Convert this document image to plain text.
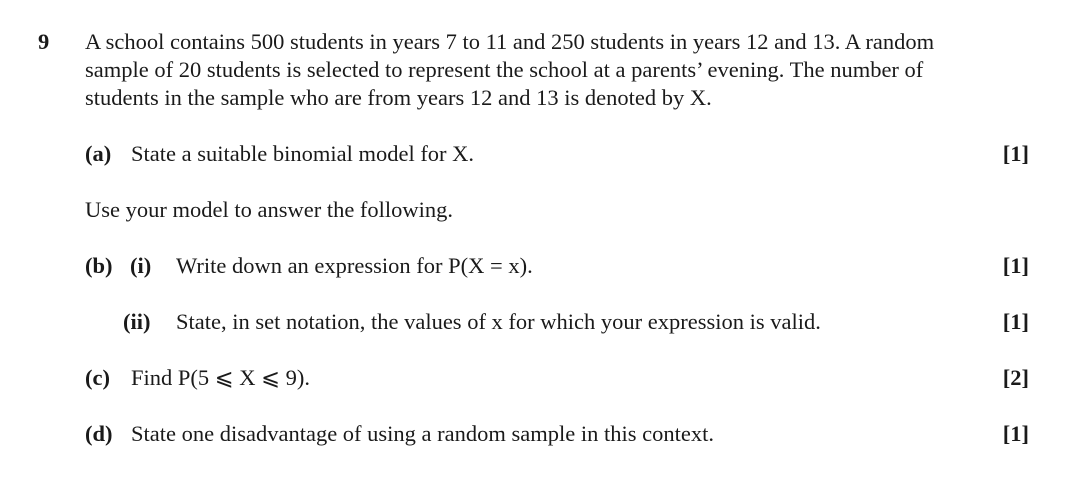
9 A school contains 500 students in years 7 to 11 and 250 students in years 12 and 13. A random
sample of 20 students is selected to represent the school at a parents’ evening. The number of
students in the sample who are from years 12 and 13 is denoted by X.
(a) State a suitable binomial model for X.	[1]
Use your model to answer the following.
(b) (i) Write down an expression for P(X = x).	[1]
(ii) State, in set notation, the values of x for which your expression is valid.	[1]
(c) Find P(5 ⩽ X ⩽ 9).	[2]
(d) State one disadvantage of using a random sample in this context.	[1]
